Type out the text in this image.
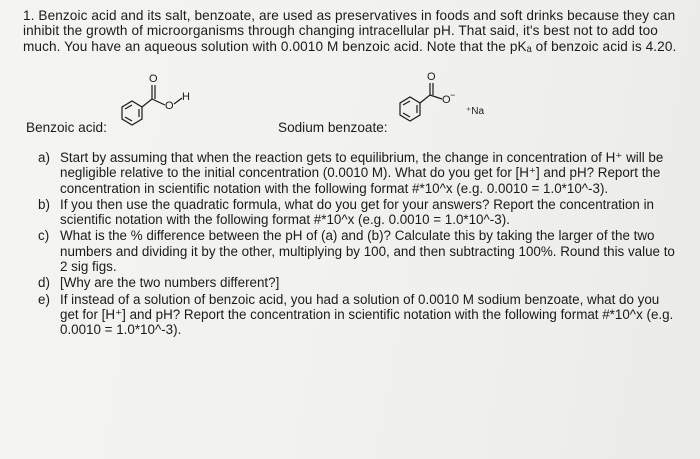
1. Benzoic acid and its salt, benzoate, are used as preservatives in foods and soft drinks because they can inhibit the growth of microorganisms through changing intracellular pH. That said, it's best not to add too much. You have an aqueous solution with 0.0010 M benzoic acid. Note that the pKₐ of benzoic acid is 4.20.
Benzoic acid:
O
O
H
Sodium benzoate:
O
O −
⁺Na
a) Start by assuming that when the reaction gets to equilibrium, the change in concentration of H⁺ will be negligible relative to the initial concentration (0.0010 M). What do you get for [H⁺] and pH? Report the concentration in scientific notation with the following format #*10^x (e.g. 0.0010 = 1.0*10^-3).
b) If you then use the quadratic formula, what do you get for your answers? Report the concentration in scientific notation with the following format #*10^x (e.g. 0.0010 = 1.0*10^-3).
c) What is the % difference between the pH of (a) and (b)? Calculate this by taking the larger of the two numbers and dividing it by the other, multiplying by 100, and then subtracting 100%. Round this value to 2 sig figs.
d) [Why are the two numbers different?]
e) If instead of a solution of benzoic acid, you had a solution of 0.0010 M sodium benzoate, what do you get for [H⁺] and pH? Report the concentration in scientific notation with the following format #*10^x (e.g. 0.0010 = 1.0*10^-3).
